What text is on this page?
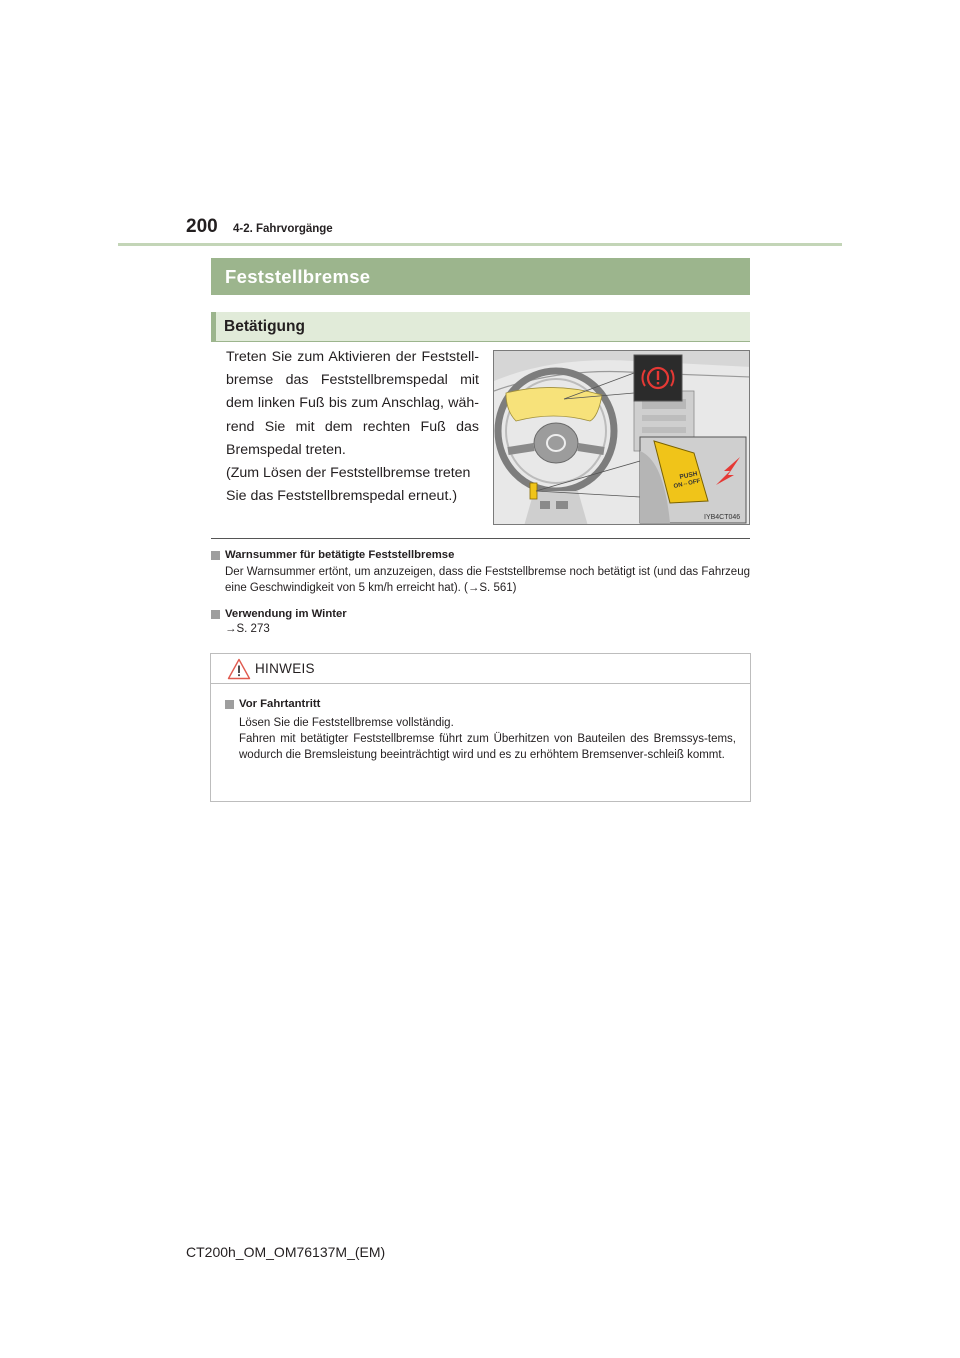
200 4-2. Fahrvorgänge
Feststellbremse
Betätigung

Treten Sie zum Aktivieren der Feststell-bremse das Feststellbremspedal mit dem linken Fuß bis zum Anschlag, wäh-rend Sie mit dem rechten Fuß das Bremspedal treten.

(Zum Lösen der Feststellbremse treten Sie das Feststellbremspedal erneut.)

PUSH
ON⇔OFF
IYB4CT046
Warnsummer für betätigte Feststellbremse
Der Warnsummer ertönt, um anzuzeigen, dass die Feststellbremse noch betätigt ist (und das Fahrzeug eine Geschwindigkeit von 5 km/h erreicht hat). (→S. 561)
Verwendung im Winter
→S. 273
HINWEIS
Vor Fahrtantritt
Lösen Sie die Feststellbremse vollständig.
Fahren mit betätigter Feststellbremse führt zum Überhitzen von Bauteilen des Bremssys-tems, wodurch die Bremsleistung beeinträchtigt wird und es zu erhöhtem Bremsenver-schleiß kommt.
CT200h_OM_OM76137M_(EM)
